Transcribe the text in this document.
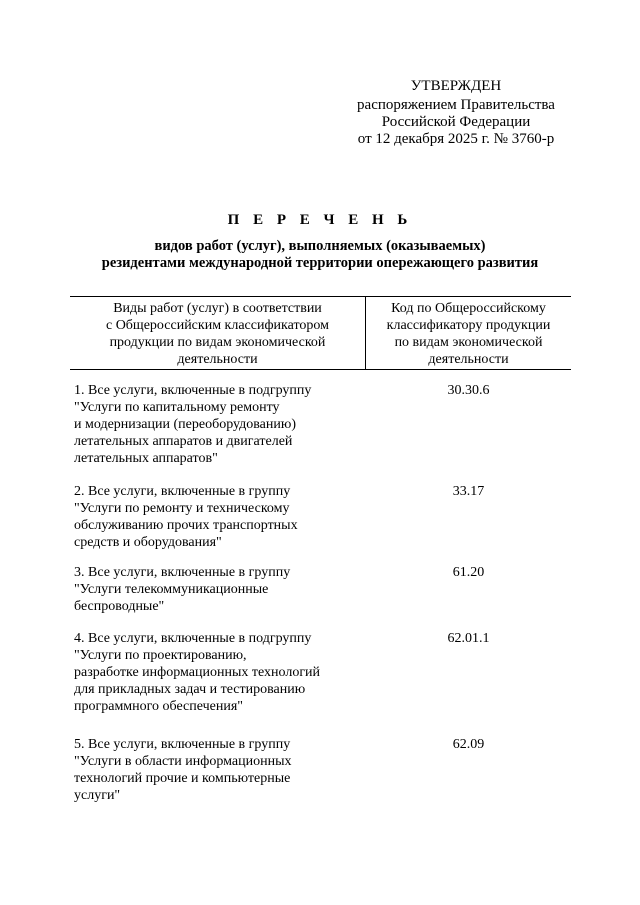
УТВЕРЖДЕН
распоряжением Правительства
Российской Федерации
от 12 декабря 2025 г. № 3760-р
П Е Р Е Ч Е Н Ь
видов работ (услуг), выполняемых (оказываемых)
резидентами международной территории опережающего развития
Виды работ (услуг) в соответствии
с Общероссийским классификатором
продукции по видам экономической
деятельности
Код по Общероссийскому
классификатору продукции
по видам экономической
деятельности
1. Все услуги, включенные в подгруппу
"Услуги по капитальному ремонту
и модернизации (переоборудованию)
летательных аппаратов и двигателей
летательных аппаратов"
30.30.6
2. Все услуги, включенные в группу
"Услуги по ремонту и техническому
обслуживанию прочих транспортных
средств и оборудования"
33.17
3. Все услуги, включенные в группу
"Услуги телекоммуникационные
беспроводные"
61.20
4. Все услуги, включенные в подгруппу
"Услуги по проектированию,
разработке информационных технологий
для прикладных задач и тестированию
программного обеспечения"
62.01.1
5. Все услуги, включенные в группу
"Услуги в области информационных
технологий прочие и компьютерные
услуги"
62.09
